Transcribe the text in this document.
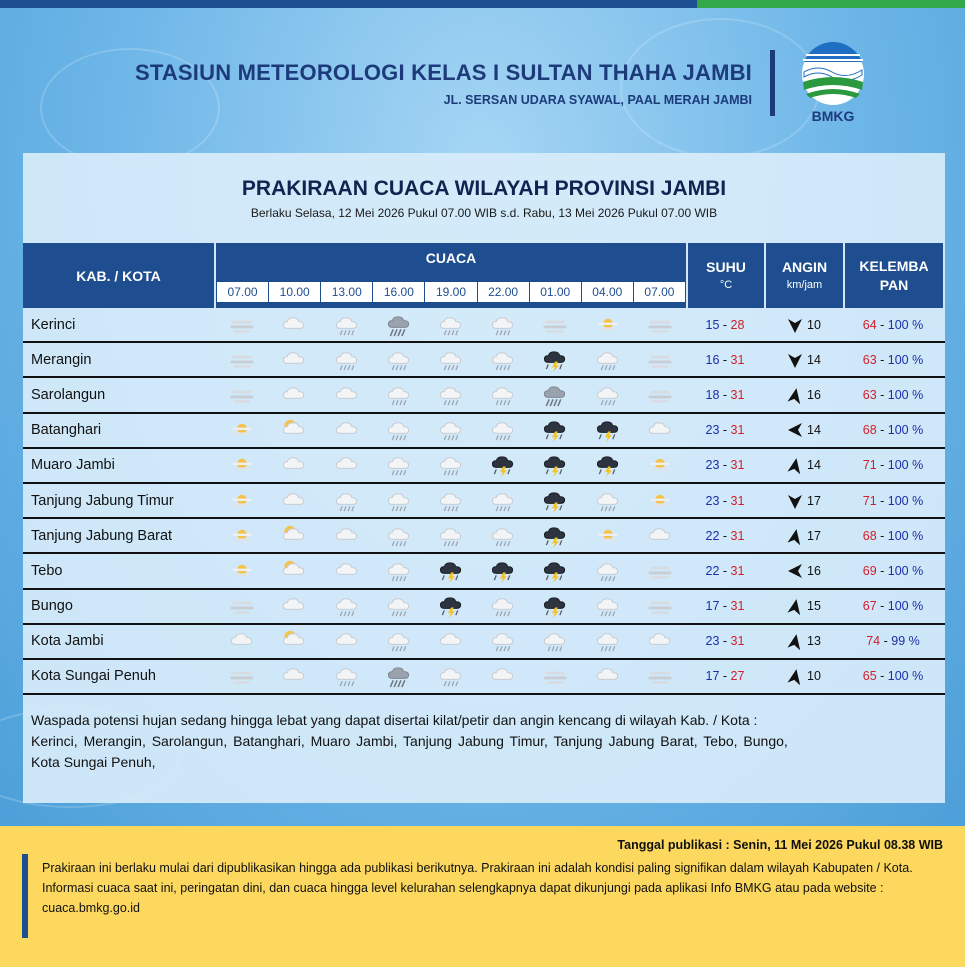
STASIUN METEOROLOGI KELAS I SULTAN THAHA JAMBI
JL. SERSAN UDARA SYAWAL, PAAL MERAH JAMBI
BMKG
PRAKIRAAN CUACA WILAYAH PROVINSI JAMBI
Berlaku Selasa, 12 Mei 2026 Pukul 07.00 WIB s.d. Rabu, 13 Mei 2026 Pukul 07.00 WIB
KAB. / KOTA
CUACA
07.00	10.00	13.00	16.00	19.00	22.00	01.00	04.00	07.00
SUHU
°C
ANGIN
km/jam
KELEMBA
PAN
Kerinci	15 - 28	10	64 - 100 %
Merangin	16 - 31	14	63 - 100 %
Sarolangun	18 - 31	16	63 - 100 %
Batanghari	23 - 31	14	68 - 100 %
Muaro Jambi	23 - 31	14	71 - 100 %
Tanjung Jabung Timur	23 - 31	17	71 - 100 %
Tanjung Jabung Barat	22 - 31	17	68 - 100 %
Tebo	22 - 31	16	69 - 100 %
Bungo	17 - 31	15	67 - 100 %
Kota Jambi	23 - 31	13	74 - 99 %
Kota Sungai Penuh	17 - 27	10	65 - 100 %
Waspada potensi hujan sedang hingga lebat yang dapat disertai kilat/petir dan angin kencang di wilayah Kab. / Kota :
Kerinci, Merangin, Sarolangun, Batanghari, Muaro Jambi, Tanjung Jabung Timur, Tanjung Jabung Barat, Tebo, Bungo,
Kota Sungai Penuh,
Tanggal publikasi : Senin, 11 Mei 2026 Pukul 08.38 WIB
Prakiraan ini berlaku mulai dari dipublikasikan hingga ada publikasi berikutnya. Prakiraan ini adalah kondisi paling signifikan dalam wilayah Kabupaten / Kota. Informasi cuaca saat ini, peringatan dini, dan cuaca hingga level kelurahan selengkapnya dapat dikunjungi pada aplikasi Info BMKG atau pada website : cuaca.bmkg.go.id
